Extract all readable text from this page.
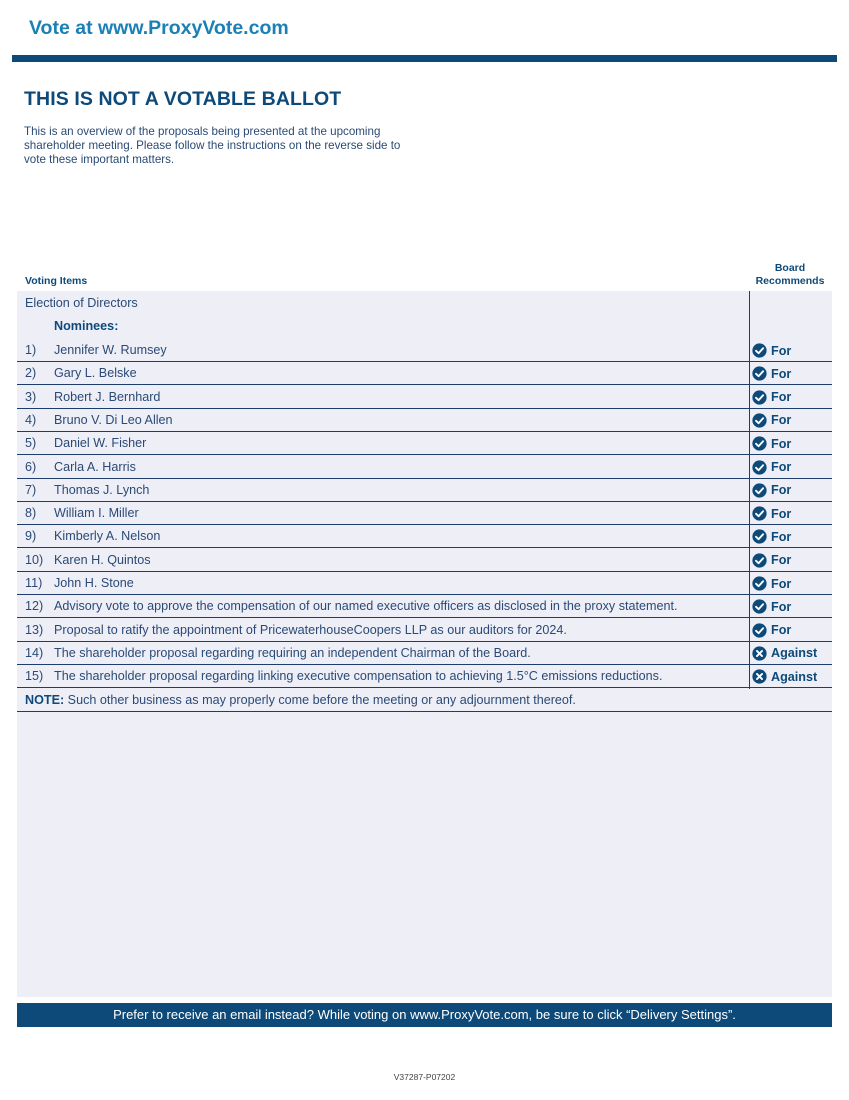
Vote at www.ProxyVote.com
THIS IS NOT A VOTABLE BALLOT
This is an overview of the proposals being presented at the upcoming shareholder meeting. Please follow the instructions on the reverse side to vote these important matters.
Voting Items
Board
Recommends
Election of Directors
Nominees:
1) Jennifer W. Rumsey	For
2) Gary L. Belske	For
3) Robert J. Bernhard	For
4) Bruno V. Di Leo Allen	For
5) Daniel W. Fisher	For
6) Carla A. Harris	For
7) Thomas J. Lynch	For
8) William I. Miller	For
9) Kimberly A. Nelson	For
10) Karen H. Quintos	For
11) John H. Stone	For
12) Advisory vote to approve the compensation of our named executive officers as disclosed in the proxy statement.	For
13) Proposal to ratify the appointment of PricewaterhouseCoopers LLP as our auditors for 2024.	For
14) The shareholder proposal regarding requiring an independent Chairman of the Board.	Against
15) The shareholder proposal regarding linking executive compensation to achieving 1.5°C emissions reductions.	Against
NOTE: Such other business as may properly come before the meeting or any adjournment thereof.
Prefer to receive an email instead? While voting on www.ProxyVote.com, be sure to click “Delivery Settings”.
V37287-P07202
